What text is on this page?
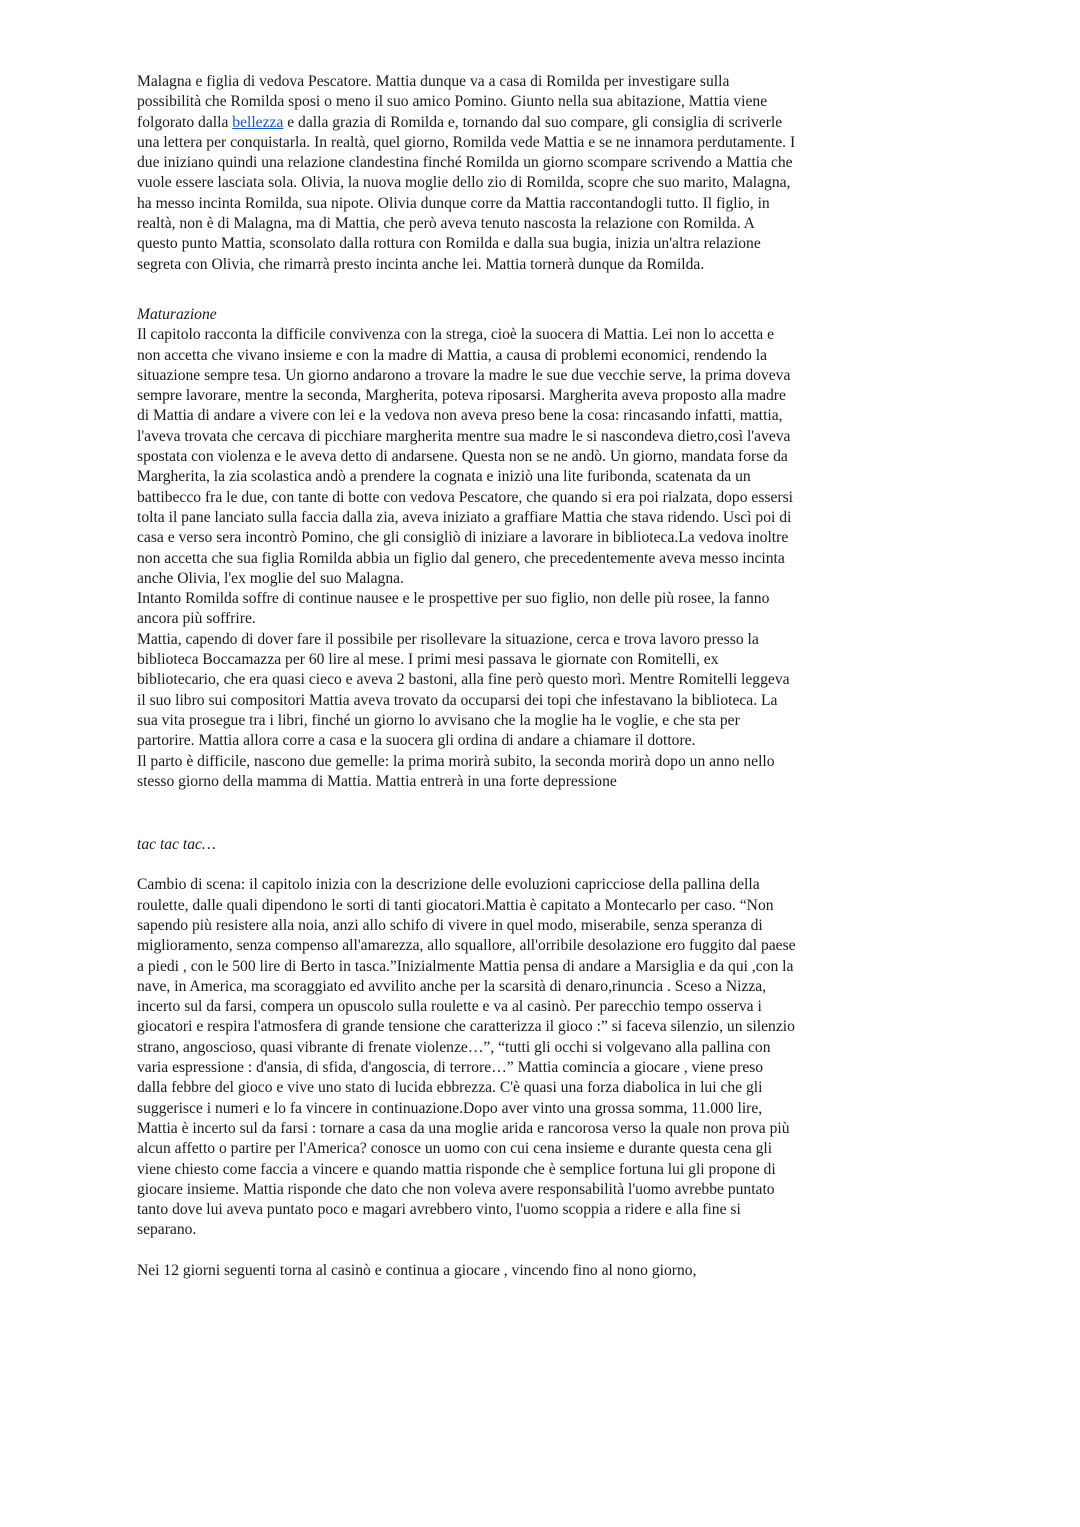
Malagna e figlia di vedova Pescatore. Mattia dunque va a casa di Romilda per investigare sulla possibilità che Romilda sposi o meno il suo amico Pomino. Giunto nella sua abitazione, Mattia viene folgorato dalla bellezza e dalla grazia di Romilda e, tornando dal suo compare, gli consiglia di scriverle una lettera per conquistarla. In realtà, quel giorno, Romilda vede Mattia e se ne innamora perdutamente. I due iniziano quindi una relazione clandestina finché Romilda un giorno scompare scrivendo a Mattia che vuole essere lasciata sola. Olivia, la nuova moglie dello zio di Romilda, scopre che suo marito, Malagna, ha messo incinta Romilda, sua nipote. Olivia dunque corre da Mattia raccontandogli tutto. Il figlio, in realtà, non è di Malagna, ma di Mattia, che però aveva tenuto nascosta la relazione con Romilda. A questo punto Mattia, sconsolato dalla rottura con Romilda e dalla sua bugia, inizia un'altra relazione segreta con Olivia, che rimarrà presto incinta anche lei. Mattia tornerà dunque da Romilda.

Maturazione

Il capitolo racconta la difficile convivenza con la strega, cioè la suocera di Mattia. Lei non lo accetta e non accetta che vivano insieme e con la madre di Mattia, a causa di problemi economici, rendendo la situazione sempre tesa. Un giorno andarono a trovare la madre le sue due vecchie serve, la prima doveva sempre lavorare, mentre la seconda, Margherita, poteva riposarsi. Margherita aveva proposto alla madre di Mattia di andare a vivere con lei e la vedova non aveva preso bene la cosa: rincasando infatti, mattia, l'aveva trovata che cercava di picchiare margherita mentre sua madre le si nascondeva dietro,così l'aveva spostata con violenza e le aveva detto di andarsene. Questa non se ne andò. Un giorno, mandata forse da Margherita, la zia scolastica andò a prendere la cognata e iniziò una lite furibonda, scatenata da un battibecco fra le due, con tante di botte con vedova Pescatore, che quando si era poi rialzata, dopo essersi tolta il pane lanciato sulla faccia dalla zia, aveva iniziato a graffiare Mattia che stava ridendo. Uscì poi di casa e verso sera incontrò Pomino, che gli consigliò di iniziare a lavorare in biblioteca.La vedova inoltre non accetta che sua figlia Romilda abbia un figlio dal genero, che precedentemente aveva messo incinta anche Olivia, l'ex moglie del suo Malagna.

Intanto Romilda soffre di continue nausee e le prospettive per suo figlio, non delle più rosee, la fanno ancora più soffrire.

Mattia, capendo di dover fare il possibile per risollevare la situazione, cerca e trova lavoro presso la biblioteca Boccamazza per 60 lire al mese. I primi mesi passava le giornate con Romitelli, ex bibliotecario, che era quasi cieco e aveva 2 bastoni, alla fine però questo morì. Mentre Romitelli leggeva il suo libro sui compositori Mattia aveva trovato da occuparsi dei topi che infestavano la biblioteca. La sua vita prosegue tra i libri, finché un giorno lo avvisano che la moglie ha le voglie, e che sta per partorire. Mattia allora corre a casa e la suocera gli ordina di andare a chiamare il dottore.

Il parto è difficile, nascono due gemelle: la prima morirà subito, la seconda morirà dopo un anno nello stesso giorno della mamma di Mattia. Mattia entrerà in una forte depressione

tac tac tac…

Cambio di scena: il capitolo inizia con la descrizione delle evoluzioni capricciose della pallina della roulette, dalle quali dipendono le sorti di tanti giocatori.Mattia è capitato a Montecarlo per caso. “Non sapendo più resistere alla noia, anzi allo schifo di vivere in quel modo, miserabile, senza speranza di miglioramento, senza compenso all'amarezza, allo squallore, all'orribile desolazione ero fuggito dal paese a piedi , con le 500 lire di Berto in tasca.”Inizialmente Mattia pensa di andare a Marsiglia e da qui ,con la nave, in America, ma scoraggiato ed avvilito anche per la scarsità di denaro,rinuncia . Sceso a Nizza, incerto sul da farsi, compera un opuscolo sulla roulette e va al casinò. Per parecchio tempo osserva i giocatori e respira l'atmosfera di grande tensione che caratterizza il gioco :” si faceva silenzio, un silenzio strano, angoscioso, quasi vibrante di frenate violenze…”, “tutti gli occhi si volgevano alla pallina con varia espressione : d'ansia, di sfida, d'angoscia, di terrore…” Mattia comincia a giocare , viene preso dalla febbre del gioco e vive uno stato di lucida ebbrezza. C'è quasi una forza diabolica in lui che gli suggerisce i numeri e lo fa vincere in continuazione.Dopo aver vinto una grossa somma, 11.000 lire, Mattia è incerto sul da farsi : tornare a casa da una moglie arida e rancorosa verso la quale non prova più alcun affetto o partire per l'America? conosce un uomo con cui cena insieme e durante questa cena gli viene chiesto come faccia a vincere e quando mattia risponde che è semplice fortuna lui gli propone di giocare insieme. Mattia risponde che dato che non voleva avere responsabilità l'uomo avrebbe puntato tanto dove lui aveva puntato poco e magari avrebbero vinto, l'uomo scoppia a ridere e alla fine si separano.

Nei 12 giorni seguenti torna al casinò e continua a giocare , vincendo fino al nono giorno,
